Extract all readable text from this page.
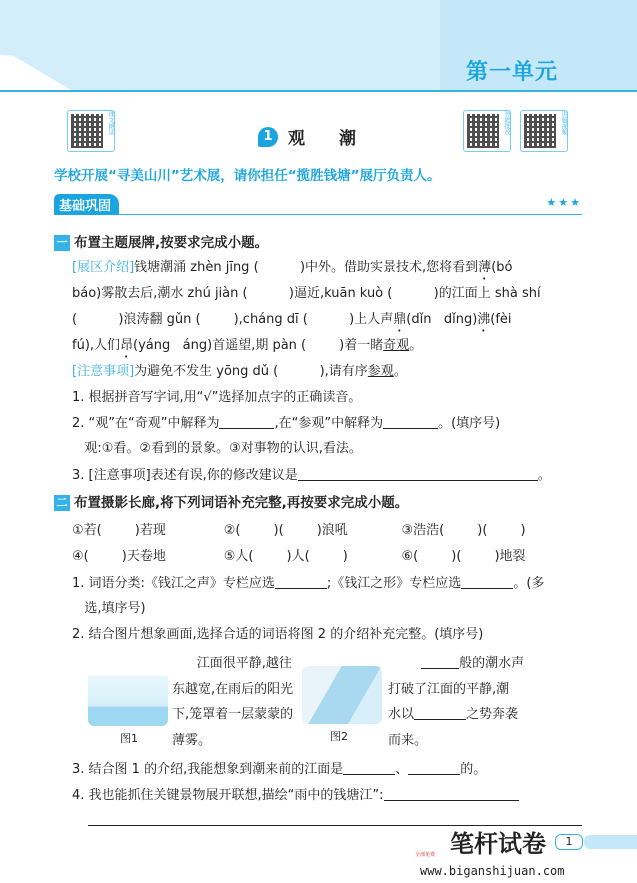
第一单元
课文朗读	智能批改	讲题视频
1 观　　潮
学校开展“寻美山川”艺术展，请你担任“揽胜钱塘”展厅负责人。
基础巩固	★★★
一 布置主题展牌,按要求完成小题。
二 布置摄影长廊,将下列词语补充完整,再按要求完成小题。
[展区介绍]钱塘潮涌 zhèn jīng (          )中外。借助实景技术,您将看到薄(bó
báo)雾散去后,潮水 zhú jiàn (          )逼近,kuān kuò (          )的江面上 shà shí
(          )浪涛翻 gǔn (        ),cháng dī (          )上人声鼎(dǐn   dǐng)沸(fèi
fú),人们昂(yáng   áng)首遥望,期 pàn (        )着一睹奇观。
[注意事项]为避免不发生 yōng dǔ (          ),请有序参观。
1. 根据拼音写字词,用“√”选择加点字的正确读音。
2. “观”在“奇观”中解释为	,在“参观”中解释为	。(填序号)
观:①看。②看到的景象。③对事物的认识,看法。
3. [注意事项]表述有误,你的修改建议是	。
①若(        )若现              ②(        )(        )浪吼             ③浩浩(        )(        )
④(        )天卷地              ⑤人(        )人(        )             ⑥(        )(        )地裂
1. 词语分类:《钱江之声》专栏应选	;《钱江之形》专栏应选	。(多
选,填序号)
2. 结合图片想象画面,选择合适的词语将图 2 的介绍补充完整。(填序号)
3. 结合图 1 的介绍,我能想象到潮来前的江面是	、	的。
4. 我也能抓住关键景物展开联想,描绘“雨中的钱塘江”:
图1
江面很平静,越往
东越宽,在雨后的阳光
下,笼罩着一层蒙蒙的
薄雾。	图2
般的潮水声
打破了江面的平静,潮
水以	之势奔袭
而来。
笔杆试卷
全部免费
www.biganshijuan.com
1
